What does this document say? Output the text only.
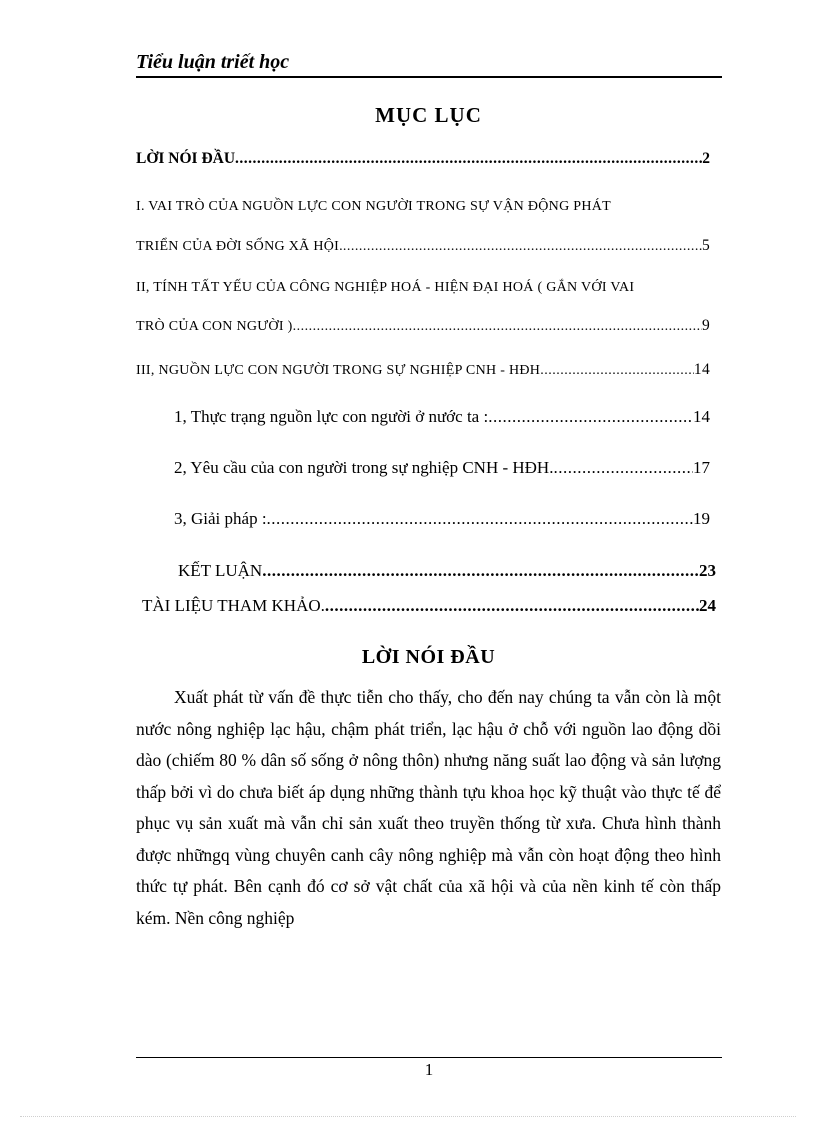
Tiểu luận triết học
MỤC LỤC
LỜI NÓI ĐẦU .....	2
I. VAI TRÒ CỦA NGUỒN LỰC CON NGƯỜI TRONG SỰ VẬN ĐỘNG PHÁT
TRIỂN CỦA ĐỜI SỐNG XÃ HỘI. .....	5
II, TÍNH TẤT YẾU CỦA CÔNG NGHIỆP HOÁ - HIỆN ĐẠI HOÁ ( GẮN VỚI VAI
TRÒ CỦA CON NGƯỜI ) .....	9
III, NGUỒN LỰC CON NGƯỜI TRONG SỰ NGHIỆP CNH - HĐH .....	14
1, Thực trạng nguồn lực con người ở nước ta : .....	14
2, Yêu cầu của con người trong sự nghiệp CNH - HĐH. .....	17
3, Giải pháp : .....	19
KẾT LUẬN .....	23
TÀI LIỆU THAM KHẢO. .....	24
LỜI NÓI ĐẦU

Xuất phát từ vấn đề thực tiễn cho thấy, cho đến nay chúng ta vẫn còn là một nước nông nghiệp lạc hậu, chậm phát triển, lạc hậu ở chỗ với nguồn lao động dồi dào (chiếm 80 % dân số sống ở nông thôn) nhưng năng suất lao động và sản lượng thấp bởi vì do chưa biết áp dụng những thành tựu khoa học kỹ thuật vào thực tế để phục vụ sản xuất mà vẫn chỉ sản xuất theo truyền thống từ xưa. Chưa hình thành được nhữngq vùng chuyên canh cây nông nghiệp mà vẫn còn hoạt động theo hình thức tự phát. Bên cạnh đó cơ sở vật chất của xã hội và của nền kinh tế còn thấp kém. Nền công nghiệp

1
